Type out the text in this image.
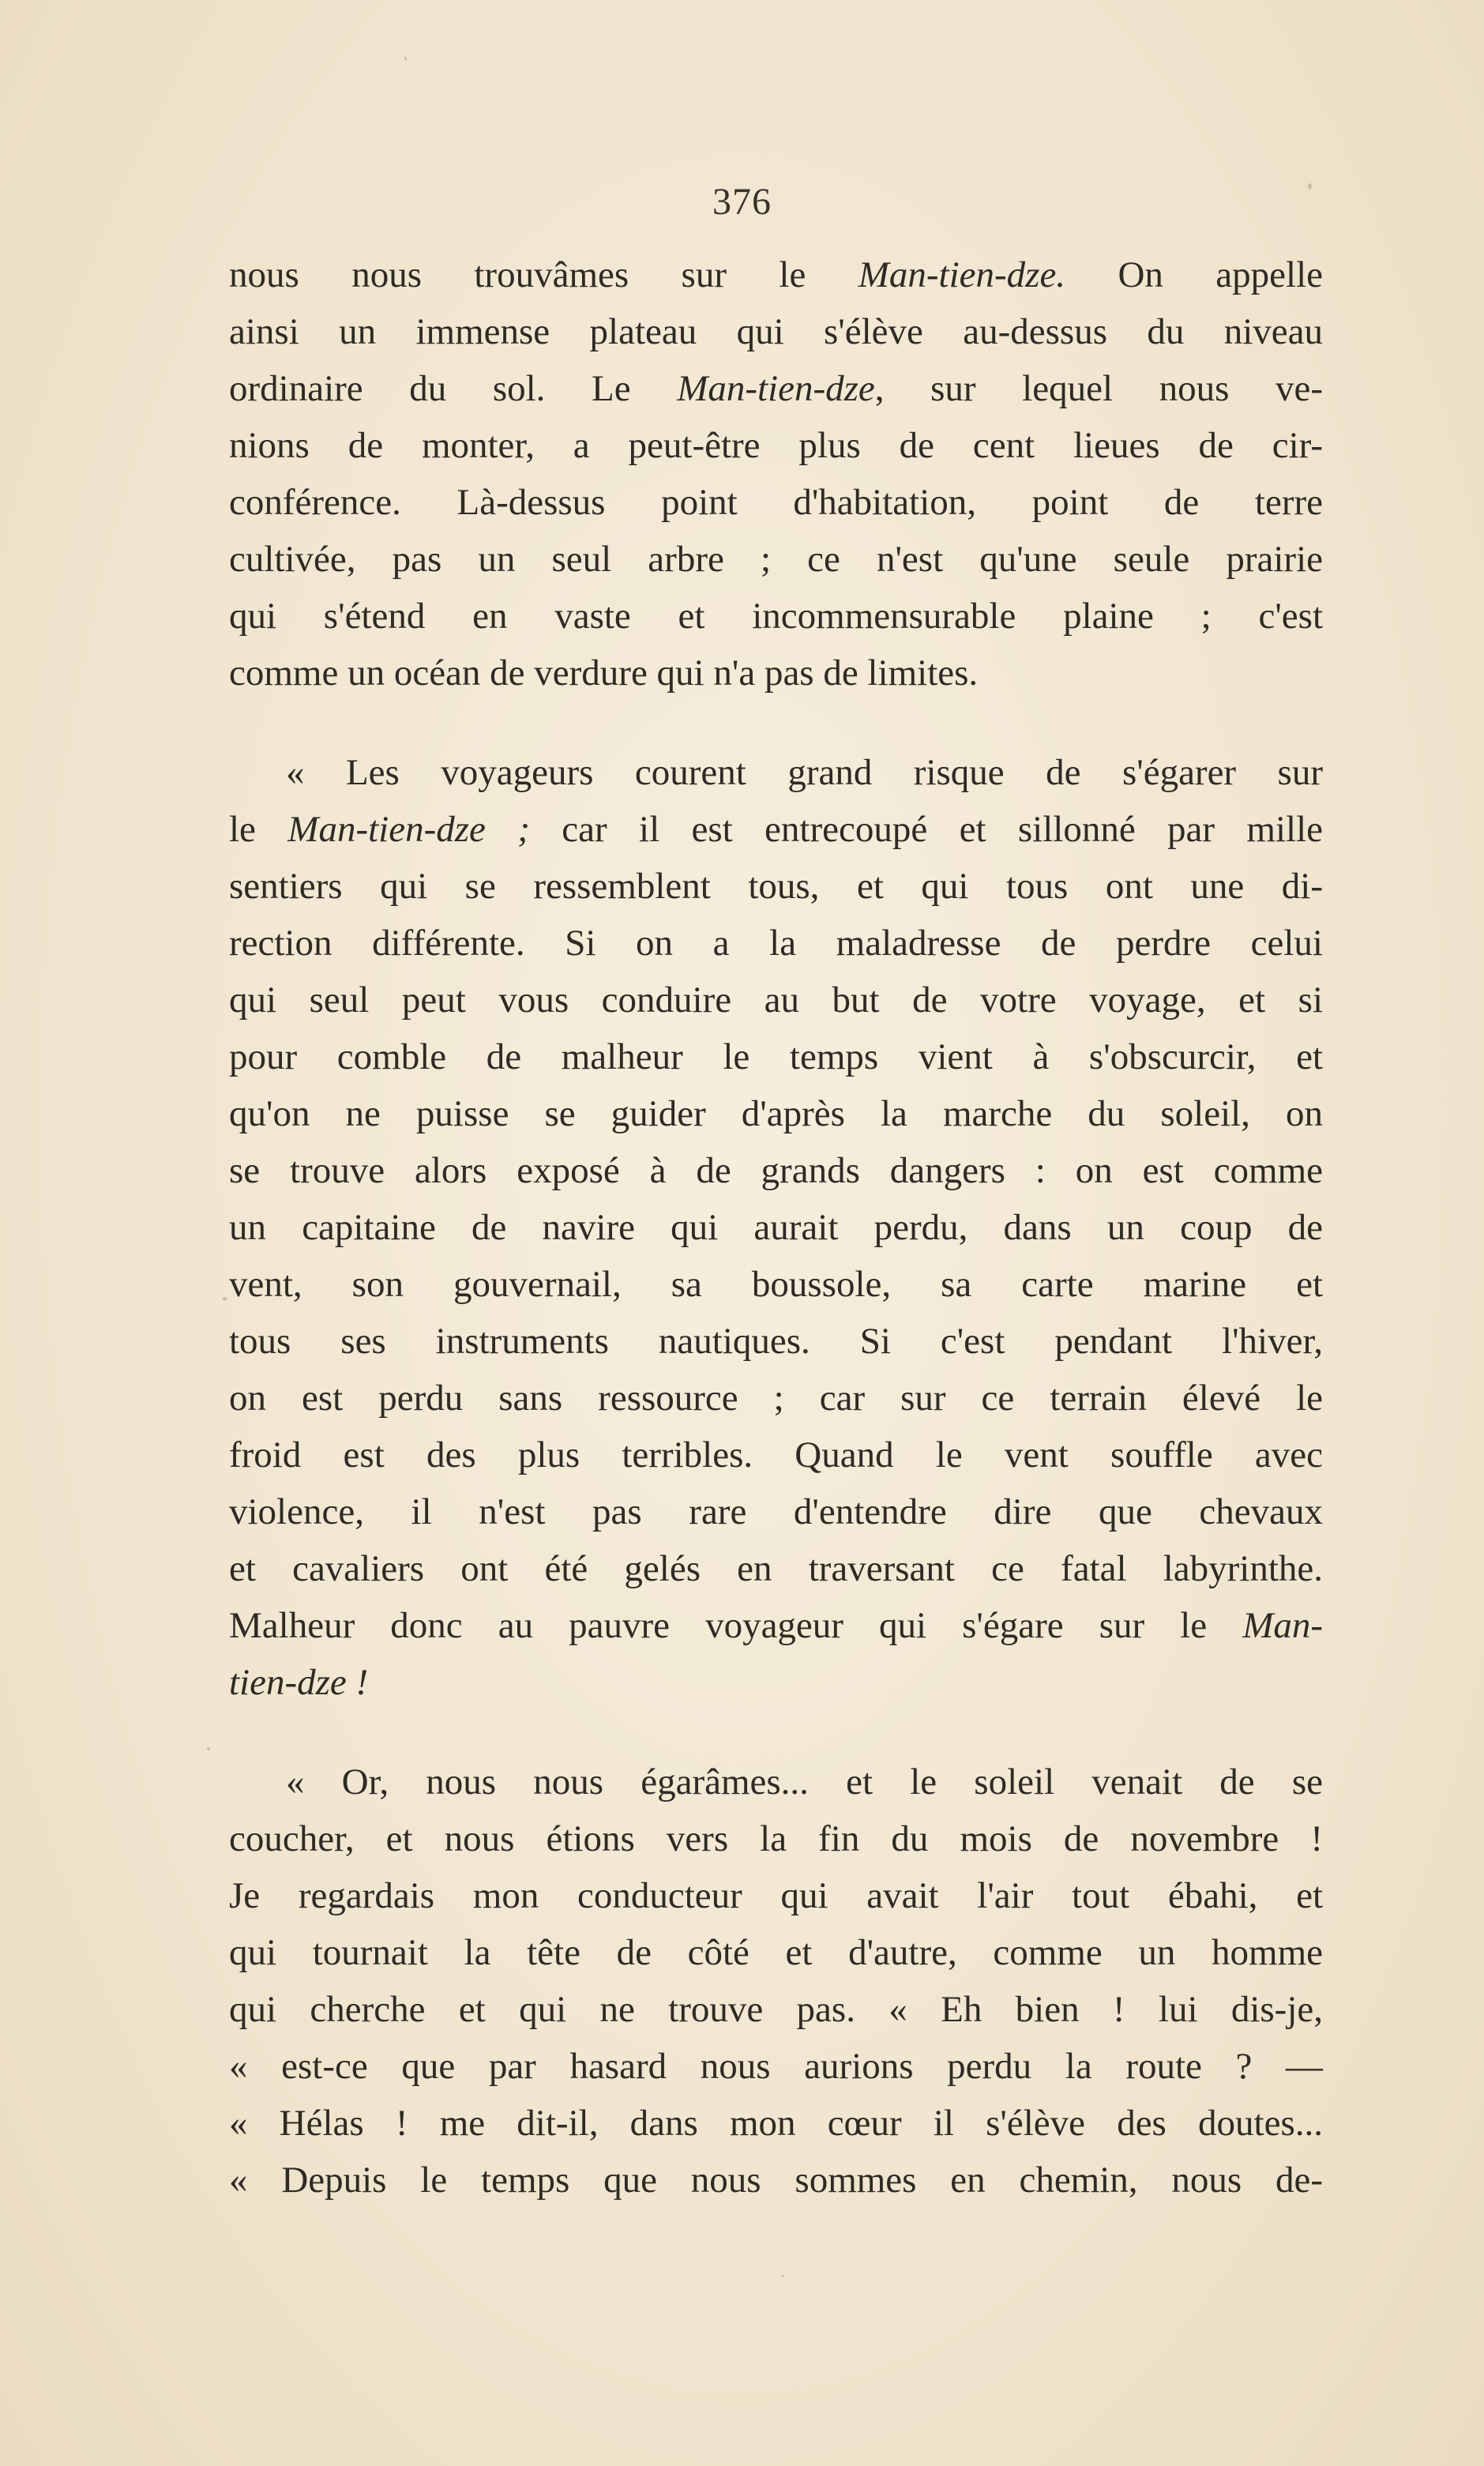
376
nous nous trouvâmes sur le Man-tien-dze. On appelle
ainsi un immense plateau qui s'élève au-dessus du niveau
ordinaire du sol. Le Man-tien-dze, sur lequel nous ve-
nions de monter, a peut-être plus de cent lieues de cir-
conférence. Là-dessus point d'habitation, point de terre
cultivée, pas un seul arbre ; ce n'est qu'une seule prairie
qui s'étend en vaste et incommensurable plaine ; c'est
comme un océan de verdure qui n'a pas de limites.
« Les voyageurs courent grand risque de s'égarer sur
le Man-tien-dze ; car il est entrecoupé et sillonné par mille
sentiers qui se ressemblent tous, et qui tous ont une di-
rection différente. Si on a la maladresse de perdre celui
qui seul peut vous conduire au but de votre voyage, et si
pour comble de malheur le temps vient à s'obscurcir, et
qu'on ne puisse se guider d'après la marche du soleil, on
se trouve alors exposé à de grands dangers : on est comme
un capitaine de navire qui aurait perdu, dans un coup de
vent, son gouvernail, sa boussole, sa carte marine et
tous ses instruments nautiques. Si c'est pendant l'hiver,
on est perdu sans ressource ; car sur ce terrain élevé le
froid est des plus terribles. Quand le vent souffle avec
violence, il n'est pas rare d'entendre dire que chevaux
et cavaliers ont été gelés en traversant ce fatal labyrinthe.
Malheur donc au pauvre voyageur qui s'égare sur le Man-
tien-dze !
« Or, nous nous égarâmes... et le soleil venait de se
coucher, et nous étions vers la fin du mois de novembre !
Je regardais mon conducteur qui avait l'air tout ébahi, et
qui tournait la tête de côté et d'autre, comme un homme
qui cherche et qui ne trouve pas. « Eh bien ! lui dis-je,
« est-ce que par hasard nous aurions perdu la route ? —
« Hélas ! me dit-il, dans mon cœur il s'élève des doutes...
« Depuis le temps que nous sommes en chemin, nous de-
